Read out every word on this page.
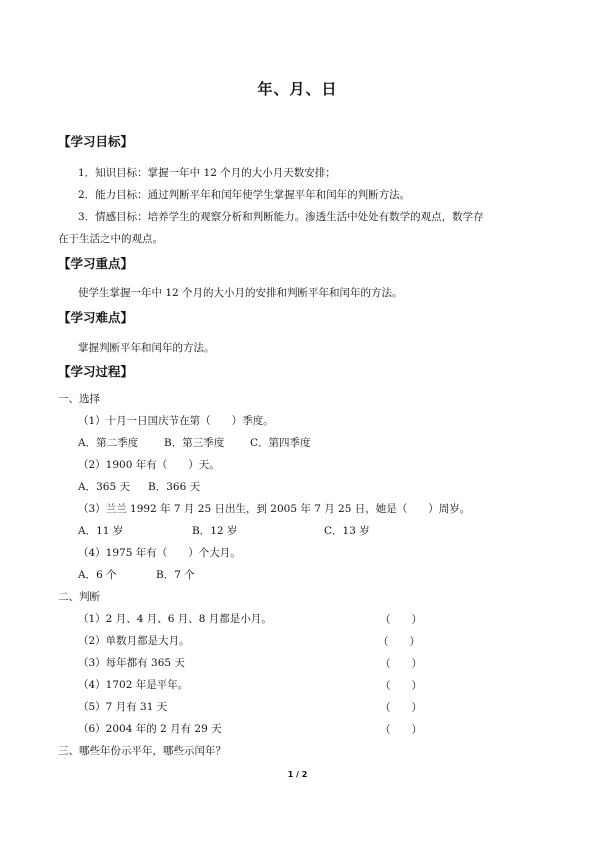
年、月、日
【学习目标】
1．知识目标：掌握一年中 12 个月的大小月天数安排；
2．能力目标：通过判断平年和闰年使学生掌握平年和闰年的判断方法。
3．情感目标：培养学生的观察分析和判断能力。渗透生活中处处有数学的观点，数学存
在于生活之中的观点。
【学习重点】
使学生掌握一年中 12 个月的大小月的安排和判断平年和闰年的方法。
【学习难点】
掌握判断平年和闰年的方法。
【学习过程】
一、选择
（1）十月一日国庆节在第（　　）季度。
A．第二季度 B．第三季度 C．第四季度
（2）1900 年有（　　）天。
A．365 天 B．366 天
（3）兰兰 1992 年 7 月 25 日出生，到 2005 年 7 月 25 日，她是（　　）周岁。
A．11 岁	B．12 岁	C．13 岁
（4）1975 年有（　　）个大月。
A．6 个	B．7 个
二、判断
（1）2 月、4 月、6 月、8 月都是小月。	（　　）
（2）单数月都是大月。	（　　）
（3）每年都有 365 天	（　　）
（4）1702 年是平年。	（　　）
（5）7 月有 31 天	（　　）
（6）2004 年的 2 月有 29 天	（　　）
三、哪些年份示平年，哪些示闰年？
1 / 2
